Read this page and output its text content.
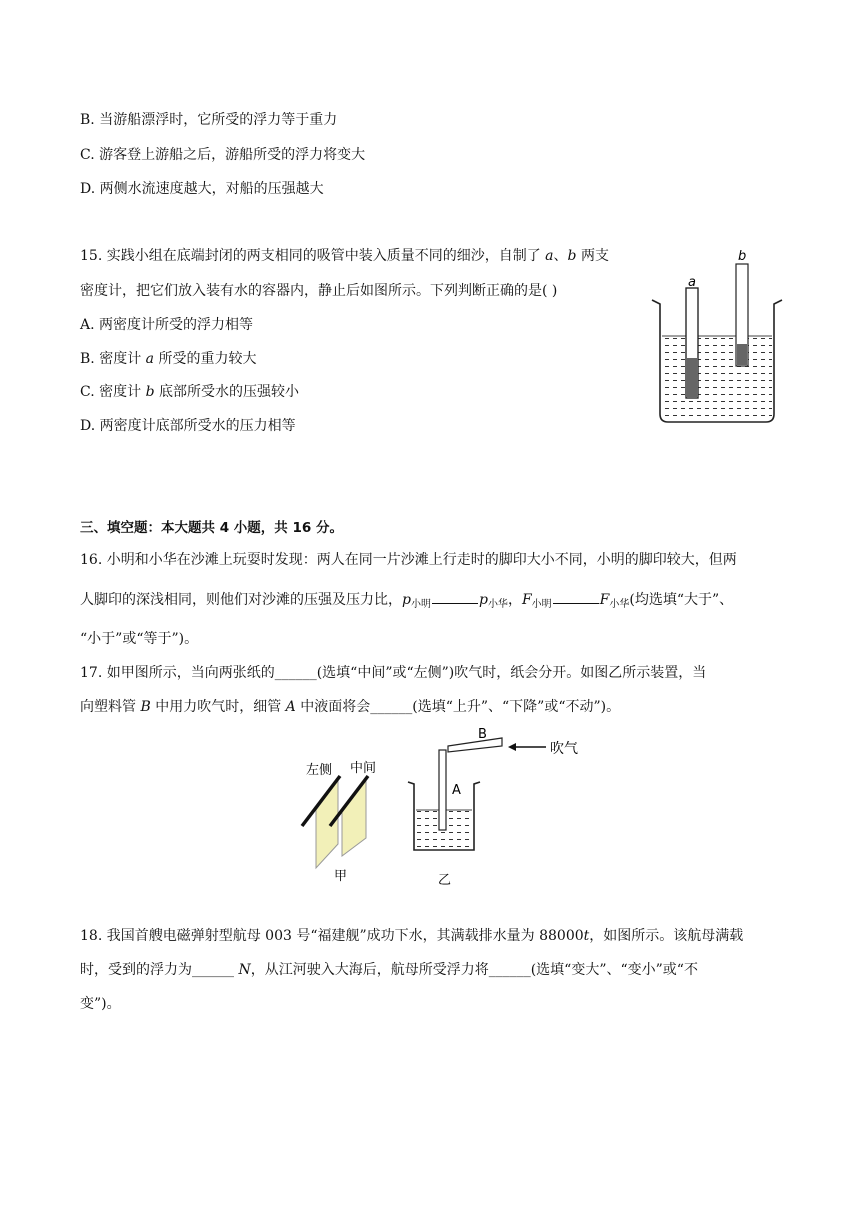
B. 当游船漂浮时，它所受的浮力等于重力
C. 游客登上游船之后，游船所受的浮力将变大
D. 两侧水流速度越大，对船的压强越大
15. 实践小组在底端封闭的两支相同的吸管中装入质量不同的细沙，自制了 a、b 两支
密度计，把它们放入装有水的容器内，静止后如图所示。下列判断正确的是( )
A. 两密度计所受的浮力相等
B. 密度计 a 所受的重力较大
C. 密度计 b 底部所受水的压强较小
D. 两密度计底部所受水的压力相等
a
b
三、填空题：本大题共 4 小题，共 16 分。
16. 小明和小华在沙滩上玩耍时发现：两人在同一片沙滩上行走时的脚印大小不同，小明的脚印较大，但两
人脚印的深浅相同，则他们对沙滩的压强及压力比，$p_{小明}$	$p_{小华}$，$F_{小明}$	$F_{小华}$(均选填“大于”、
“小于”或“等于”)。
17. 如甲图所示，当向两张纸的______(选填“中间”或“左侧”)吹气时，纸会分开。如图乙所示装置，当
向塑料管 B 中用力吹气时，细管 A 中液面将会______(选填“上升”、“下降”或“不动”)。
左侧 中间
甲
B
A
吹气
乙
18. 我国首艘电磁弹射型航母 003 号“福建舰”成功下水，其满载排水量为 88000t，如图所示。该航母满载
时，受到的浮力为______ N，从江河驶入大海后，航母所受浮力将______(选填“变大”、“变小”或“不
变”)。
